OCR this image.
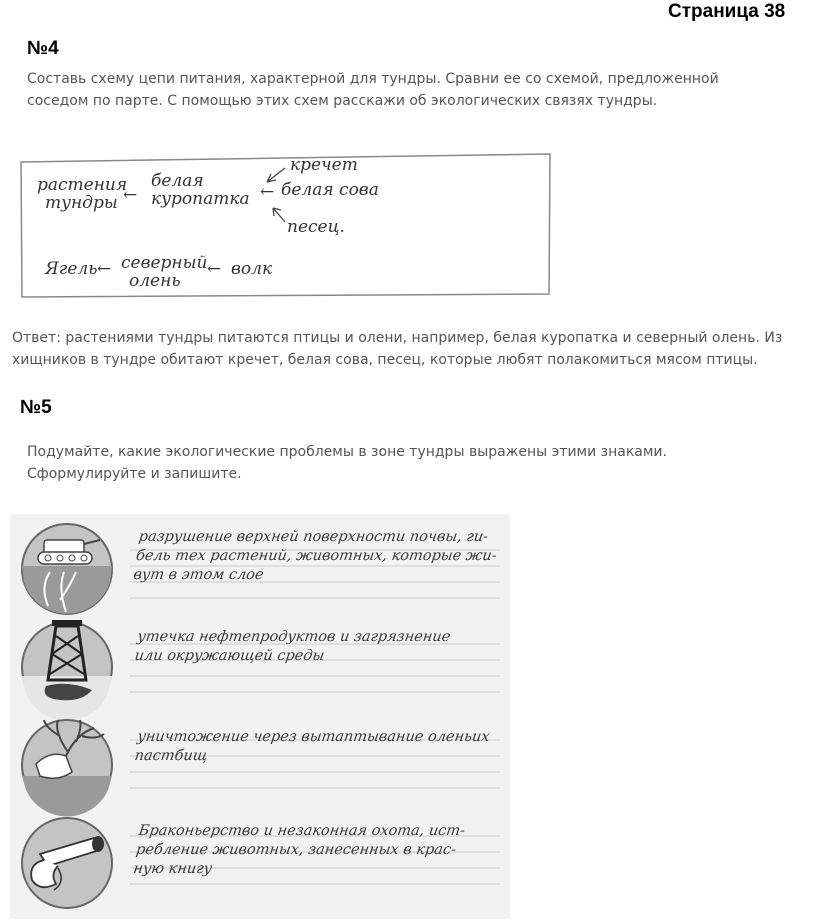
Страница 38
№4
Составь схему цепи питания, характерной для тундры. Сравни ее со схемой, предложенной
соседом по парте. С помощью этих схем расскажи об экологических связях тундры.
растения
тундры ←
белая
куропатка
кречет
← белая сова
песец.
Ягель ← северный
олень
← волк
Ответ: растениями тундры питаются птицы и олени, например, белая куропатка и северный олень. Из
хищников в тундре обитают кречет, белая сова, песец, которые любят полакомиться мясом птицы.
№5
Подумайте, какие экологические проблемы в зоне тундры выражены этими знаками.
Сформулируйте и запишите.
разрушение верхней поверхности почвы, ги-
бель тех растений, животных, которые жи-
вут в этом слое
утечка нефтепродуктов и загрязнение
или окружающей среды
уничтожение через вытаптывание оленьих
пастбищ
Браконьерство и незаконная охота, ист-
ребление животных, занесенных в крас-
ную книгу
